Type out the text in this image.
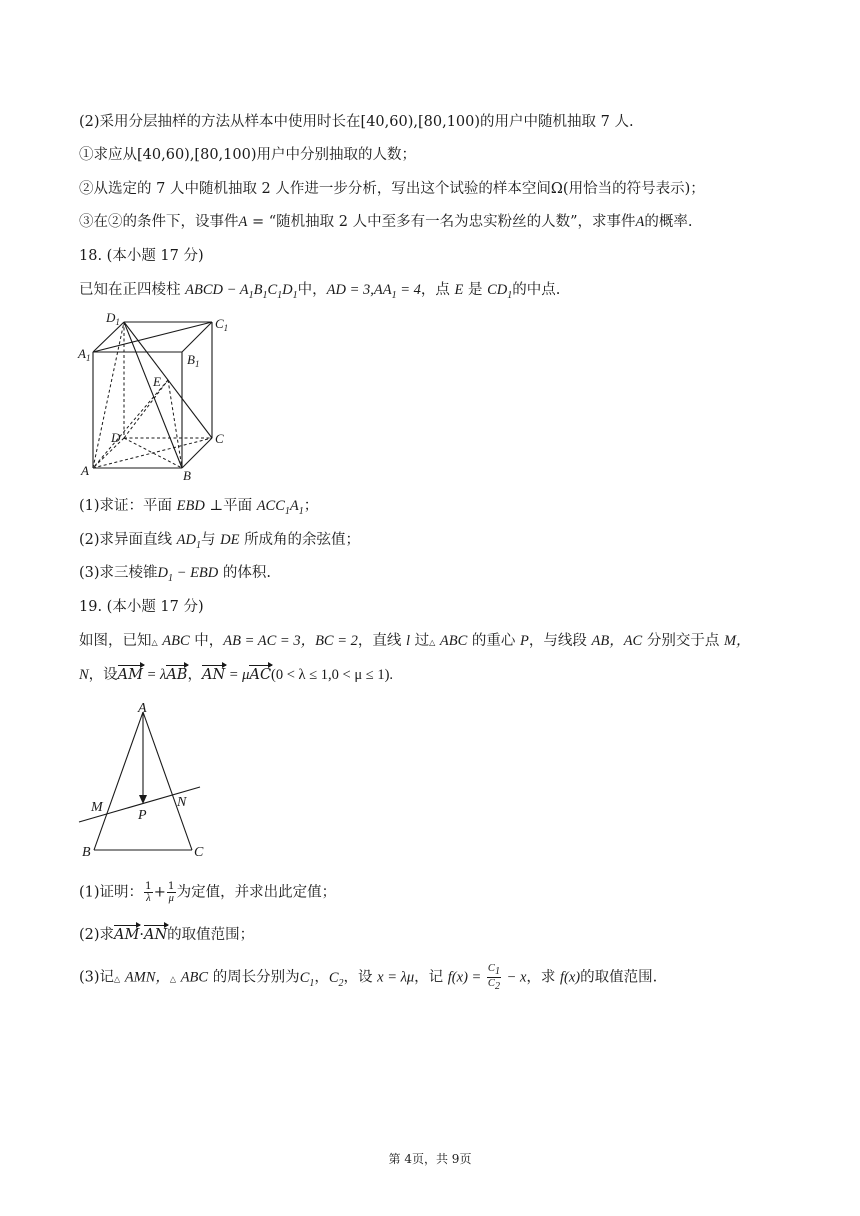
(2)采用分层抽样的方法从样本中使用时长在[40,60),[80,100)的用户中随机抽取 7 人.
①求应从[40,60),[80,100)用户中分别抽取的人数；
②从选定的 7 人中随机抽取 2 人作进一步分析，写出这个试验的样本空间Ω(用恰当的符号表示)；
③在②的条件下，设事件A = “随机抽取 2 人中至多有一名为忠实粉丝的人数”，求事件A的概率.
18. (本小题 17 分)
已知在正四棱柱 ABCD − $A_1B_1C_1D_1$中，AD = $3,AA_1 = 4$，点 E 是 $CD_1$的中点.
$D_1$	$C_1$
$A_1$	$B_1$
E
D	C
A	B
(1)求证：平面 EBD ⊥平面 $ACC_1A_1$；
(2)求异面直线 $AD_1$与 DE 所成角的余弦值；
(3)求三棱锥$D_1$ − EBD 的体积.
19. (本小题 17 分)
如图，已知△ ABC 中，AB = AC = 3，BC = 2，直线 l 过△ ABC 的重心 P，与线段 AB，AC 分别交于点 M，
N，设AM = λAB，AN = μAC(0 < λ ≤ 1,0 < μ ≤ 1).
A
M	N
P
B	C
(1)证明： $\frac{1}{\lambda} + \frac{1}{\mu}$ 为定值，并求出此定值；
(2)求AM·AN的取值范围；
(3)记△ AMN，△ ABC 的周长分别为$C_1$，$C_2$，设 x = λμ，记 $f(x) = \frac{C_1}{C_2} - x$，求 f(x)的取值范围.
第 4页，共 9页
